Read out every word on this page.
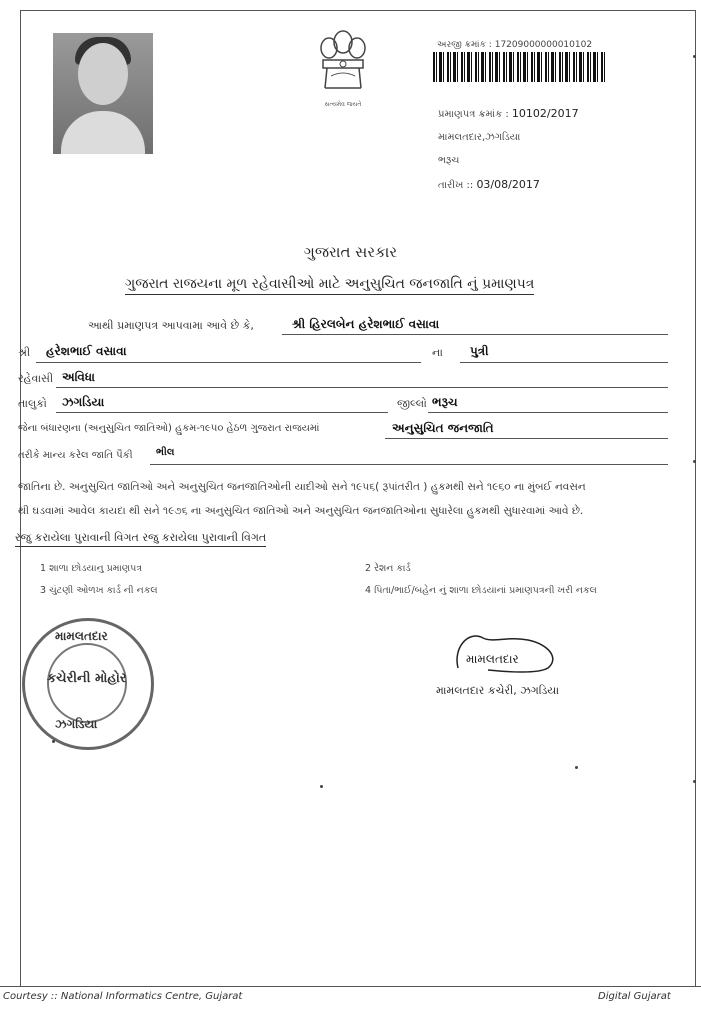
સત્યમેવ જયતે
અરજી ક્રમાંક : 17209000000010102
પ્રમાણપત્ર ક્રમાંક : 10102/2017
મામલતદાર,ઝગડિયા
ભરૂચ
તારીખ :: 03/08/2017
ગુજરાત સરકાર
ગુજરાત રાજયના મૂળ રહેવાસીઓ માટે અનુસુચિત જનજાતિ નું પ્રમાણપત્ર
આથી પ્રમાણપત્ર આપવામા આવે છે કે,	શ્રી હિરલબેન હરેશભાઈ વસાવા
શ્રી હરેશભાઈ વસાવા	ના પુત્રી
રહેવાસી અવિધા
તાલુકો ઝગડિયા	જીલ્લો ભરૂચ
જેના બંધારણના (અનુસુચિત જાતિઓ) હુકમ-૧૯૫૦ હેઠળ ગુજરાત રાજયમાં	અનુસુચિત જનજાતિ
તરીકે માન્ય કરેલ જાતિ પૈકી ભીલ
જાતિના છે. અનુસુચિત જાતિઓ અને અનુસુચિત જનજાતિઓની યાદીઓ સને ૧૯૫૬( રૂપાંતરીત ) હુકમથી સને ૧૯૬૦ ના મુંબઈ નવસન
થી ઘડવામાં આવેલ કાયદા થી સને ૧૯૭૬ ના અનુસુચિત જાતિઓ અને અનુસુચિત જનજાતિઓના સુધારેલા હુકમથી સુધારવામાં આવે છે.
રજુ કરાયેલા પુરાવાની વિગત રજુ કરાયેલા પુરાવાની વિગત
1 શાળા છોડયાનુ પ્રમાણપત્ર	2 રેશન કાર્ડ
3 ચુંટણી ઓળખ કાર્ડ ની નકલ	4 પિતા/ભાઈ/બહેન નું શાળા છોડયાનાં પ્રમાણપત્રની ખરી નકલ
મામલતદાર
કચેરીની મોહોર
ઝગડિયા
મામલતદાર
મામલતદાર કચેરી, ઝગડિયા
Courtesy :: National Informatics Centre, Gujarat	Digital Gujarat
